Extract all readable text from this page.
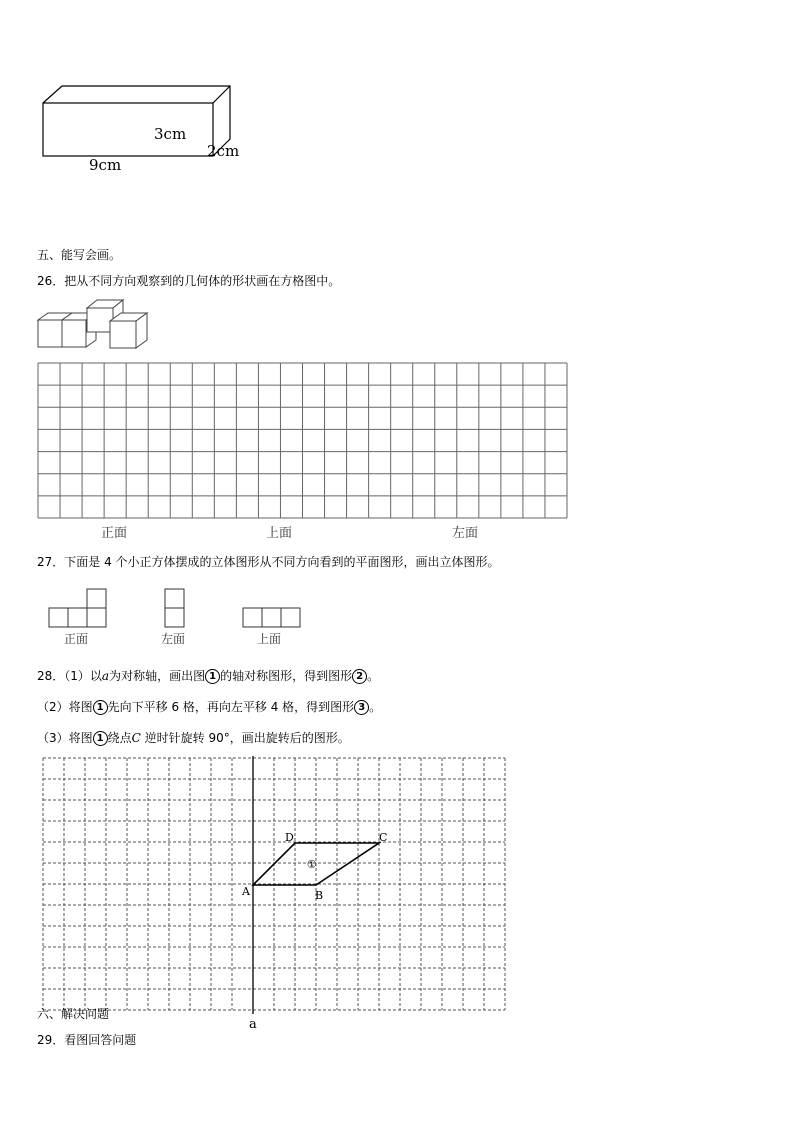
3cm
2cm
9cm
五、能写会画。
26．把从不同方向观察到的几何体的形状画在方格图中。
正面	上面	左面
27．下面是 4 个小正方体摆成的立体图形从不同方向看到的平面图形，画出立体图形。
正面	左面	上面
28．（1）以a为对称轴，画出图 1 的轴对称图形，得到图形 2 。
（2）将图 1 先向下平移 6 格，再向左平移 4 格，得到图形 3 。
（3）将图 1 绕点C 逆时针旋转 90°，画出旋转后的图形。
a
A	B
C
D
①
六、解决问题
29．看图回答问题
